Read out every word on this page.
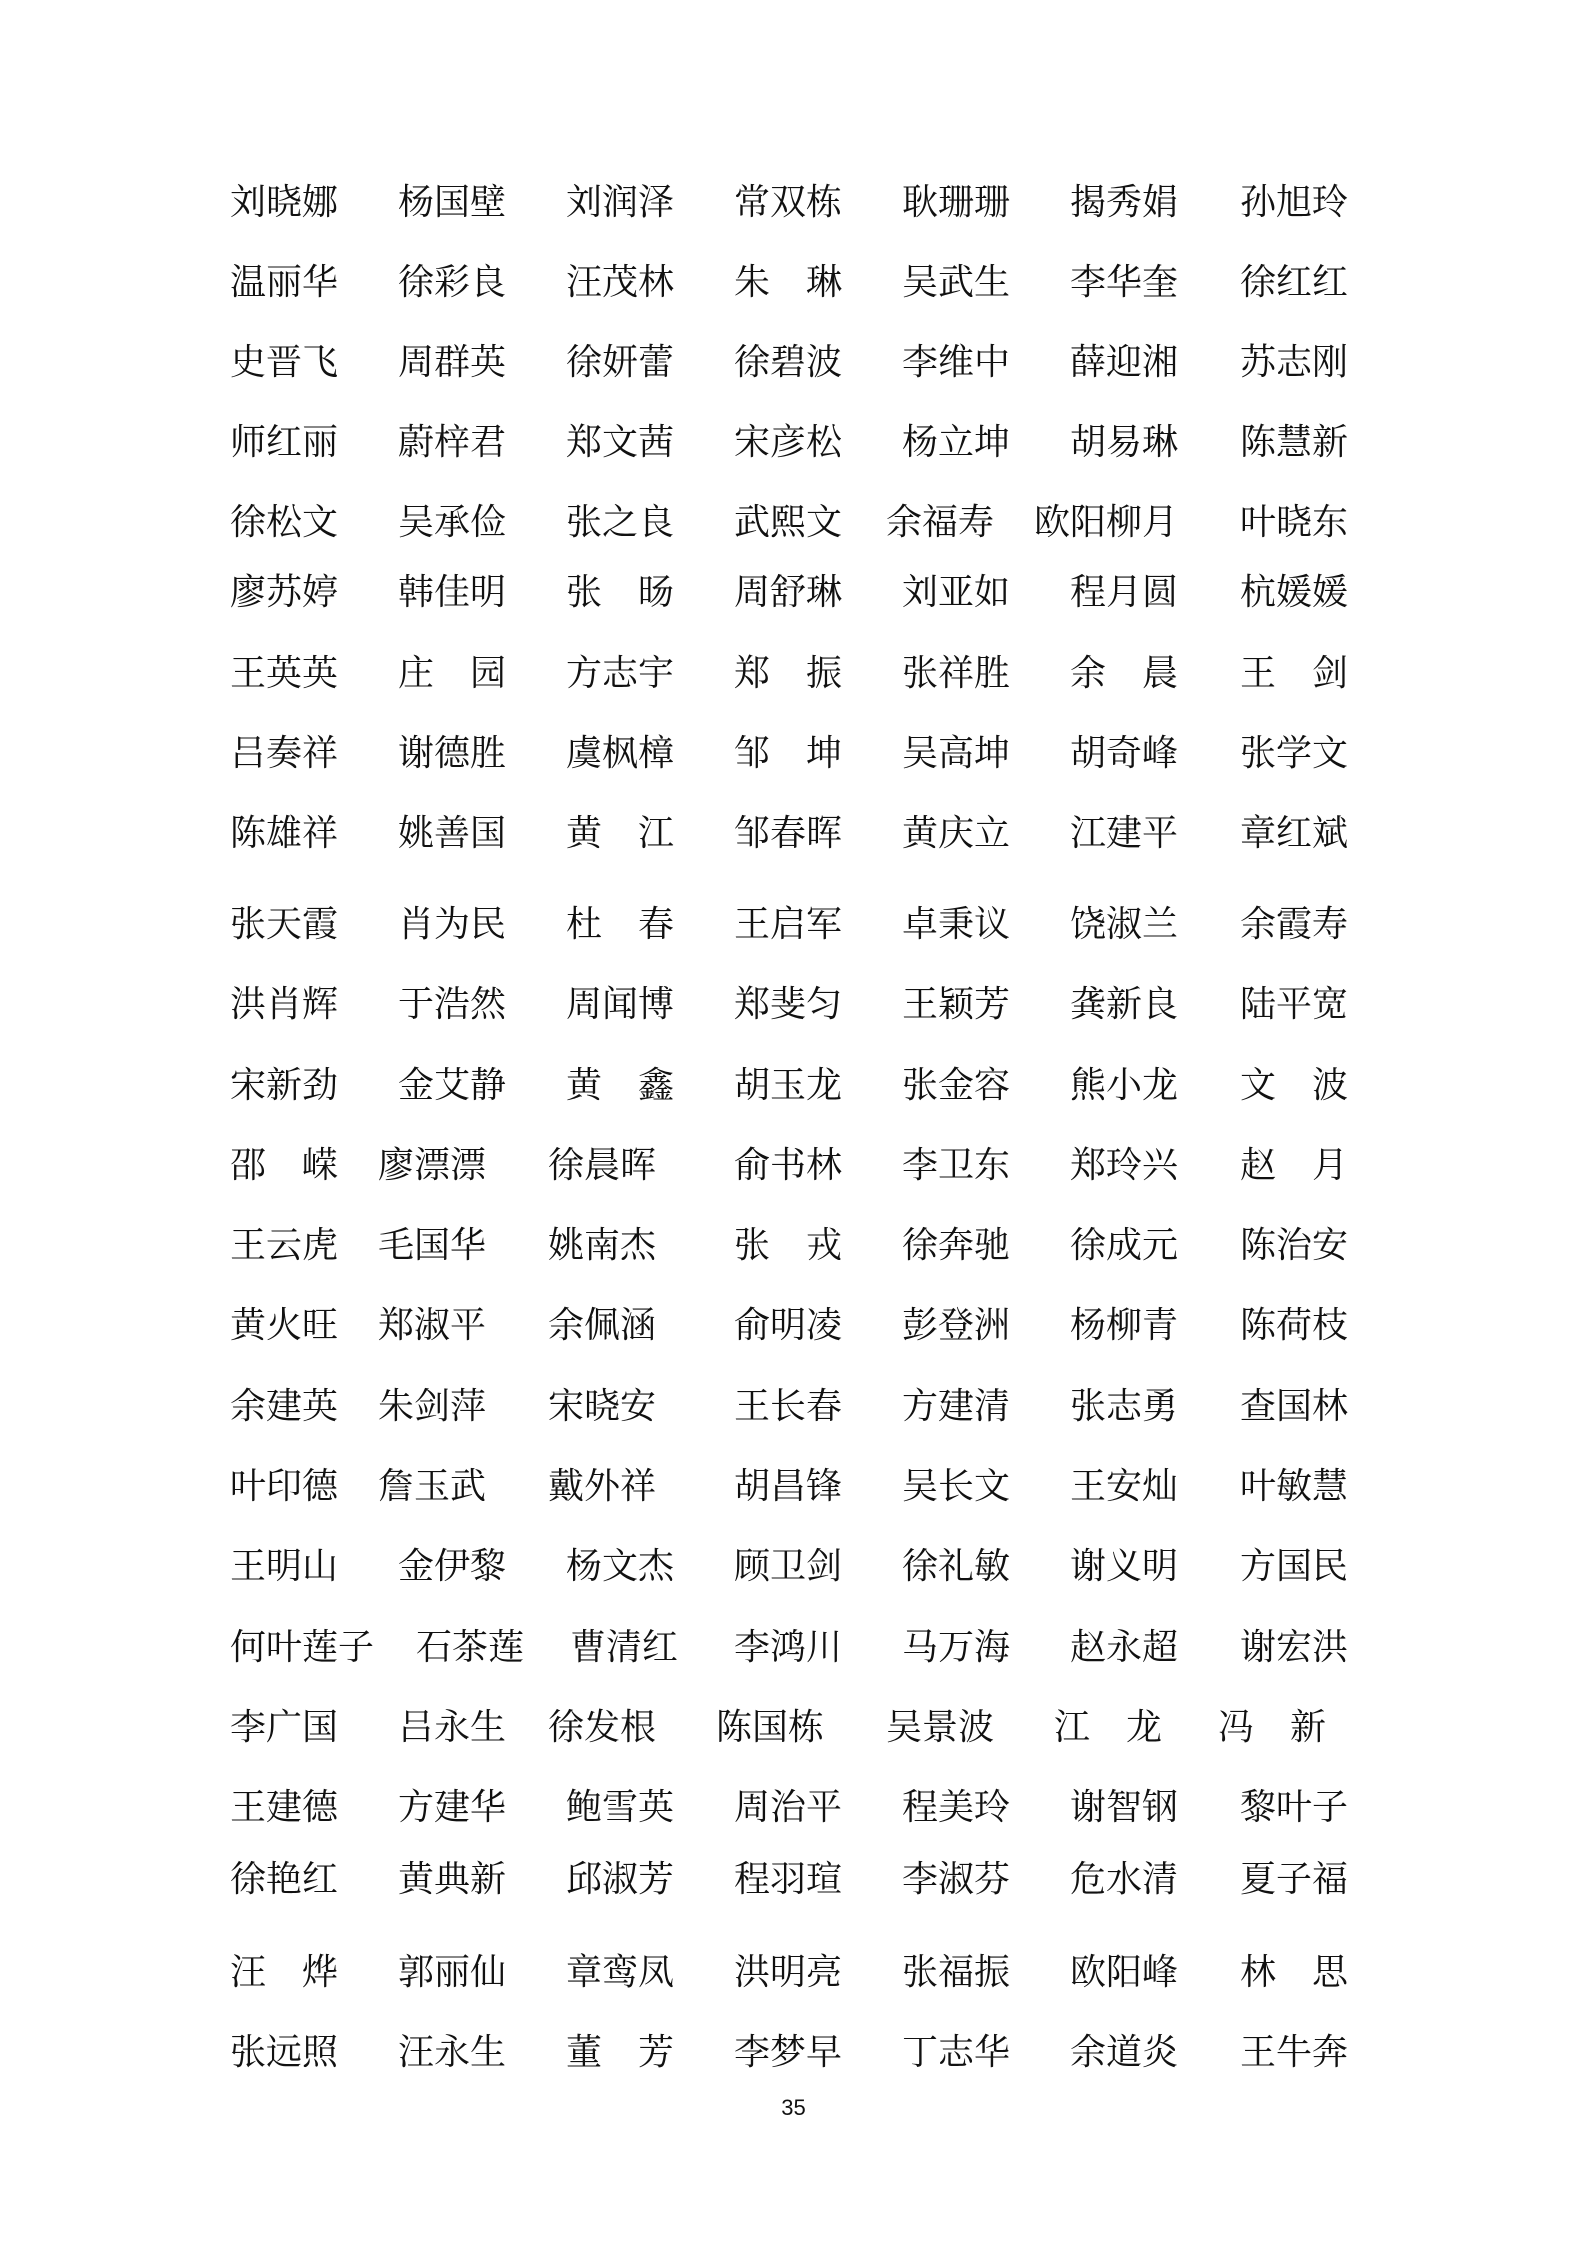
刘晓娜 杨国壁 刘润泽 常双栋 耿珊珊 揭秀娟 孙旭玲
温丽华 徐彩良 汪茂林 朱　琳 吴武生 李华奎 徐红红
史晋飞 周群英 徐妍蕾 徐碧波 李维中 薛迎湘 苏志刚
师红丽 蔚梓君 郑文茜 宋彦松 杨立坤 胡易琳 陈慧新
徐松文 吴承俭 张之良 武熙文 余福寿 欧阳柳月 叶晓东
廖苏婷 韩佳明 张　旸 周舒琳 刘亚如 程月圆 杭媛媛
王英英 庄　园 方志宇 郑　振 张祥胜 余　晨 王　剑
吕奏祥 谢德胜 虞枫樟 邹　坤 吴高坤 胡奇峰 张学文
陈雄祥 姚善国 黄　江 邹春晖 黄庆立 江建平 章红斌
张天霞 肖为民 杜　春 王启军 卓秉议 饶淑兰 余霞寿
洪肖辉 于浩然 周闻博 郑斐匀 王颖芳 龚新良 陆平宽
宋新劲 金艾静 黄　鑫 胡玉龙 张金容 熊小龙 文　波
邵　嵘 廖漂漂 徐晨晖 俞书林 李卫东 郑玲兴 赵　月
王云虎 毛国华 姚南杰 张　戎 徐奔驰 徐成元 陈治安
黄火旺 郑淑平 余佩涵 俞明凌 彭登洲 杨柳青 陈荷枝
余建英 朱剑萍 宋晓安 王长春 方建清 张志勇 查国林
叶印德 詹玉武 戴外祥 胡昌锋 吴长文 王安灿 叶敏慧
王明山 金伊黎 杨文杰 顾卫剑 徐礼敏 谢义明 方国民
何叶莲子 石茶莲 曹清红 李鸿川 马万海 赵永超 谢宏洪
李广国 吕永生 徐发根 陈国栋 吴景波 江　龙 冯　新
王建德 方建华 鲍雪英 周治平 程美玲 谢智钢 黎叶子
徐艳红 黄典新 邱淑芳 程羽瑄 李淑芬 危水清 夏子福
汪　烨 郭丽仙 章鸾凤 洪明亮 张福振 欧阳峰 林　思
张远照 汪永生 董　芳 李梦早 丁志华 余道炎 王牛奔
35
